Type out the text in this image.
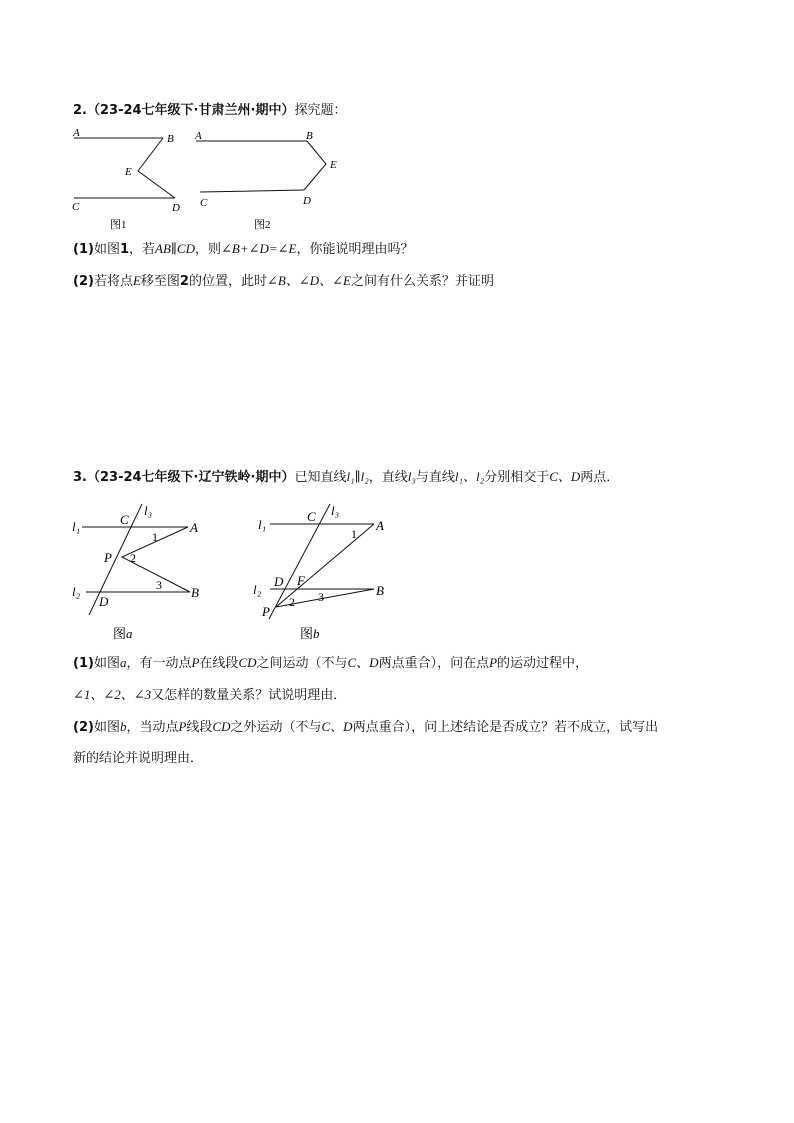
2.（23-24七年级下·甘肃兰州·期中）探究题：
A	B
E
C	D
图1
A	B
E
C	D
图2
(1)如图1，若AB∥CD，则∠B+∠D=∠E，你能说明理由吗？
(2)若将点E移至图2的位置，此时∠B、∠D、∠E之间有什么关系？并证明
3.（23-24七年级下·辽宁铁岭·期中）已知直线l₁∥l₂，直线l₃与直线l₁、l₂分别相交于C、D两点．
l₃
l₁	C
A
1
P 2
l₂
D
3 B
图a
l₃
l₁
C
A
1
l₂
D F
B
P
2 3
图b
(1)如图a，有一动点P在线段CD之间运动（不与C、D两点重合），问在点P的运动过程中，
∠1、∠2、∠3又怎样的数量关系？试说明理由．
(2)如图b，当动点P线段CD之外运动（不与C、D两点重合），问上述结论是否成立？若不成立，试写出
新的结论并说明理由．
